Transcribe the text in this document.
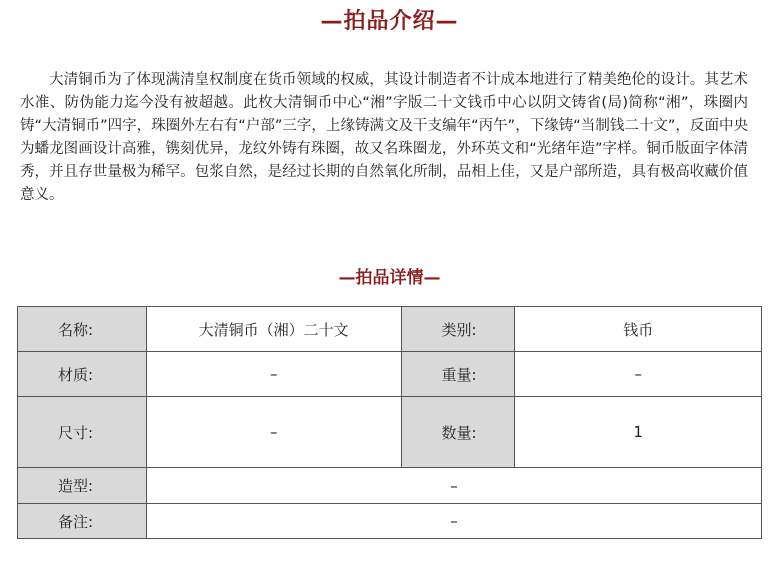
—拍品介绍—

大清铜币为了体现满清皇权制度在货币领域的权威，其设计制造者不计成本地进行了精美绝伦的设计。其艺术水准、防伪能力迄今没有被超越。此枚大清铜币中心“湘”字版二十文钱币中心以阴文铸省(局)简称“湘”，珠圈内铸“大清铜币”四字，珠圈外左右有“户部”三字，上缘铸满文及干支编年“丙午”，下缘铸“当制钱二十文”，反面中央为蟠龙图画设计高雅，镌刻优异，龙纹外铸有珠圈，故又名珠圈龙，外环英文和“光绪年造”字样。铜币版面字体清秀，并且存世量极为稀罕。包浆自然，是经过长期的自然氧化所制，品相上佳，又是户部所造，具有极高收藏价值意义。

—拍品详情—
名称:	大清铜币（湘）二十文	类别:	钱币
材质:	–	重量:	–
尺寸:	–	数量:	1
造型:	–		
备注:	–		
